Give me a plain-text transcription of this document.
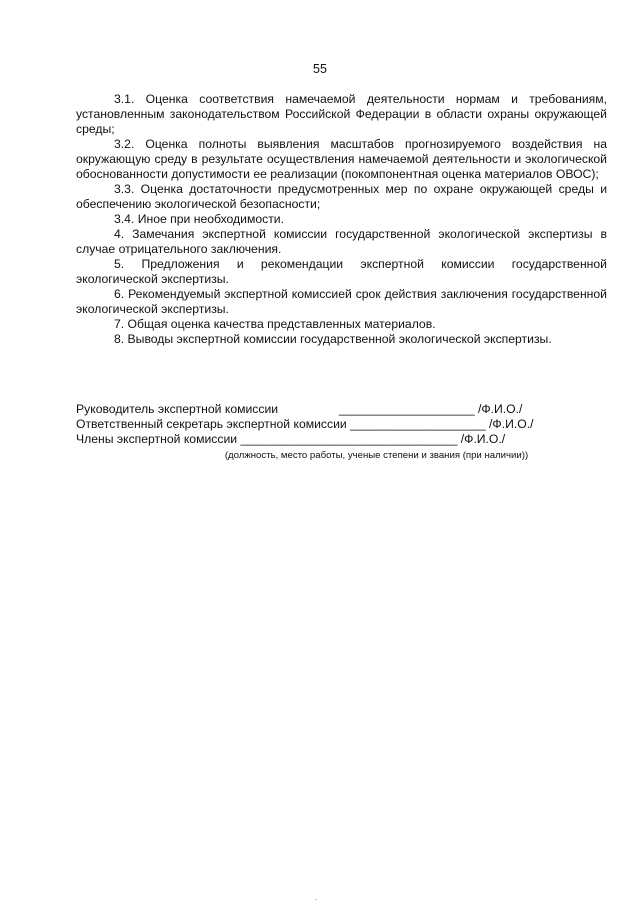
55

3.1. Оценка соответствия намечаемой деятельности нормам и требованиям, установленным законодательством Российской Федерации в области охраны окружающей среды;

3.2. Оценка полноты выявления масштабов прогнозируемого воздействия на окружающую среду в результате осуществления намечаемой деятельности и экологической обоснованности допустимости ее реализации (покомпонентная оценка материалов ОВОС);

3.3. Оценка достаточности предусмотренных мер по охране окружающей среды и обеспечению экологической безопасности;

3.4. Иное при необходимости.

4. Замечания экспертной комиссии государственной экологической экспертизы в случае отрицательного заключения.

5. Предложения и рекомендации экспертной комиссии государственной экологической экспертизы.

6. Рекомендуемый экспертной комиссией срок действия заключения государственной экологической экспертизы.

7. Общая оценка качества представленных материалов.

8. Выводы экспертной комиссии государственной экологической экспертизы.

Руководитель экспертной комиссии                  ____________________ /Ф.И.О./

Ответственный секретарь экспертной комиссии ____________________ /Ф.И.О./

Члены экспертной комиссии ________________________________ /Ф.И.О./

(должность, место работы, ученые степени и звания (при наличии))

.
